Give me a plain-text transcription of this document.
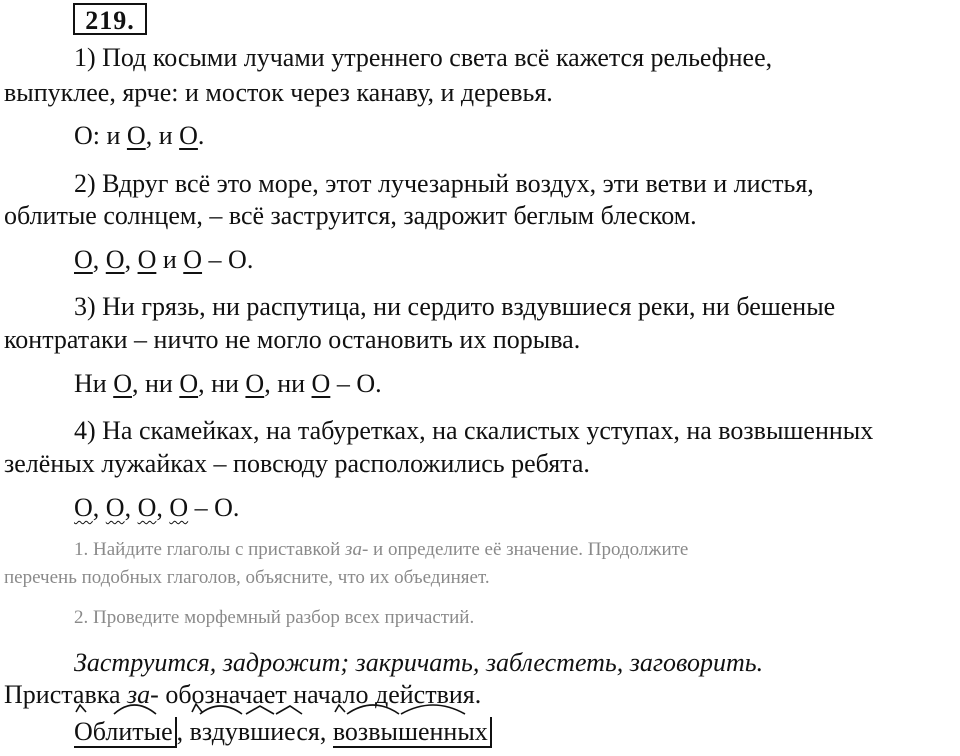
219.
1) Под косыми лучами утреннего света всё кажется рельефнее,
выпуклее, ярче: и мосток через канаву, и деревья.
О: и О, и О.
2) Вдруг всё это море, этот лучезарный воздух, эти ветви и листья,
облитые солнцем, – всё заструится, задрожит беглым блеском.
О, О, О и О – О.
3) Ни грязь, ни распутица, ни сердито вздувшиеся реки, ни бешеные
контратаки – ничто не могло остановить их порыва.
Ни О, ни О, ни О, ни О – О.
4) На скамейках, на табуретках, на скалистых уступах, на возвышенных
зелёных лужайках – повсюду расположились ребята.
О, О, О, О – О.
1. Найдите глаголы с приставкой за- и определите её значение. Продолжите
перечень подобных глаголов, объясните, что их объединяет.
2. Проведите морфемный разбор всех причастий.
Заструится, задрожит; закричать, заблестеть, заговорить.
Приставка за- обозначает начало действия.
Облитые ,
вздувшиеся,
возвышенных
